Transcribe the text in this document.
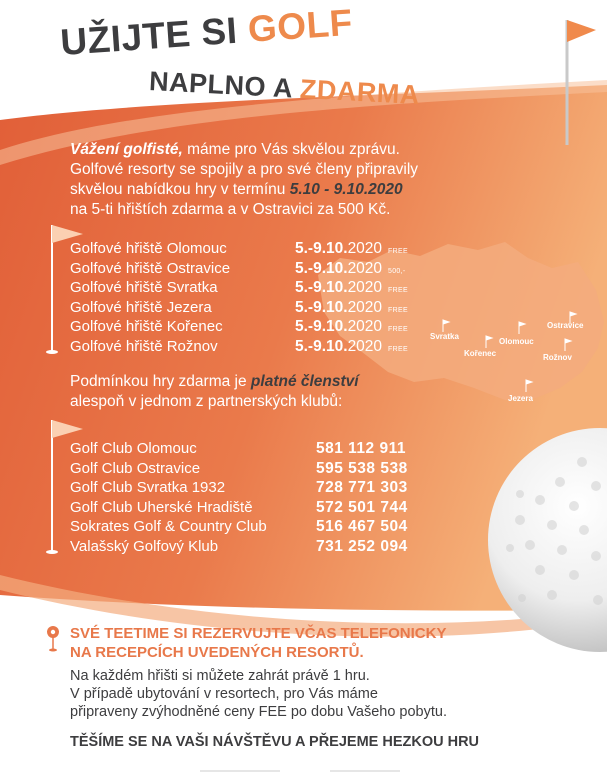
UŽIJTE SI GOLF
NAPLNO A ZDARMA
Vážení golfisté, máme pro Vás skvělou zprávu.
Golfové resorty se spojily a pro své členy připravily
skvělou nabídkou hry v termínu 5.10 - 9.10.2020
na 5-ti hřištích zdarma a v Ostravici za 500 Kč.
Golfové hřiště Olomouc	5.-9.10.2020 FREE
Golfové hřiště Ostravice	5.-9.10.2020 500,-
Golfové hřiště Svratka	5.-9.10.2020 FREE
Golfové hřiště Jezera	5.-9.10.2020 FREE
Golfové hřiště Kořenec	5.-9.10.2020 FREE
Golfové hřiště Rožnov	5.-9.10.2020 FREE
Svratka
Kořenec
Olomouc
Ostravice
Rožnov
Jezera
Podmínkou hry zdarma je platné členství
alespoň v jednom z partnerských klubů:
Golf Club Olomouc	581 112 911
Golf Club Ostravice	595 538 538
Golf Club Svratka 1932	728 771 303
Golf Club Uherské Hradiště	572 501 744
Sokrates Golf & Country Club	516 467 504
Valašský Golfový Klub	731 252 094
SVÉ TEETIME SI REZERVUJTE VČAS TELEFONICKY
NA RECEPCÍCH UVEDENÝCH RESORTŮ.
Na každém hřišti si můžete zahrát právě 1 hru.
V případě ubytování v resortech, pro Vás máme
připraveny zvýhodněné ceny FEE po dobu Vašeho pobytu.
TĚŠÍME SE NA VAŠI NÁVŠTĚVU A PŘEJEME HEZKOU HRU
